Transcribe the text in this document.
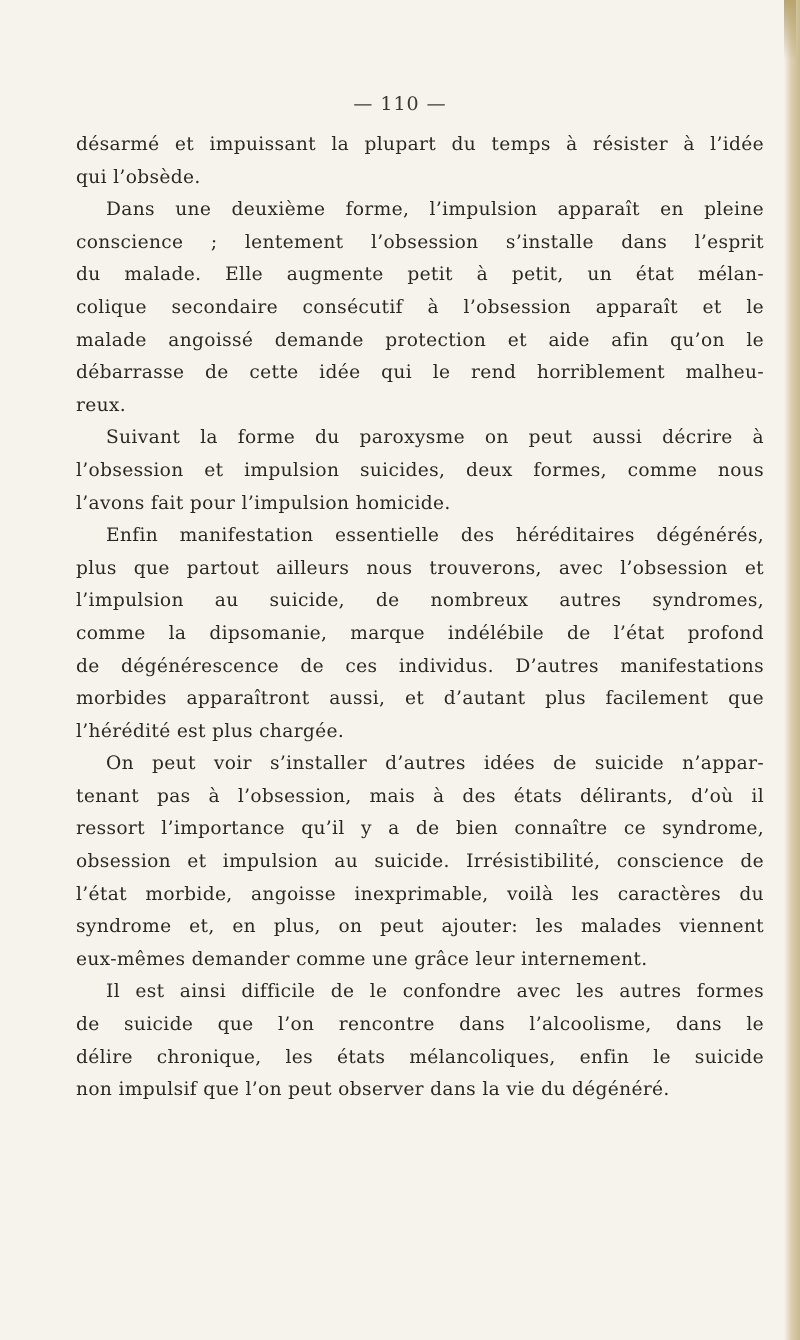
— 110 —
désarmé et impuissant la plupart du temps à résister à l’idée
qui l’obsède.
Dans une deuxième forme, l’impulsion apparaît en pleine
conscience ; lentement l’obsession s’installe dans l’esprit
du malade. Elle augmente petit à petit, un état mélan-
colique secondaire consécutif à l’obsession apparaît et le
malade angoissé demande protection et aide afin qu’on le
débarrasse de cette idée qui le rend horriblement malheu-
reux.
Suivant la forme du paroxysme on peut aussi décrire à
l’obsession et impulsion suicides, deux formes, comme nous
l’avons fait pour l’impulsion homicide.
Enfin manifestation essentielle des héréditaires dégénérés,
plus que partout ailleurs nous trouverons, avec l’obsession et
l’impulsion au suicide, de nombreux autres syndromes,
comme la dipsomanie, marque indélébile de l’état profond
de dégénérescence de ces individus. D’autres manifestations
morbides apparaîtront aussi, et d’autant plus facilement que
l’hérédité est plus chargée.
On peut voir s’installer d’autres idées de suicide n’appar-
tenant pas à l’obsession, mais à des états délirants, d’où il
ressort l’importance qu’il y a de bien connaître ce syndrome,
obsession et impulsion au suicide. Irrésistibilité, conscience de
l’état morbide, angoisse inexprimable, voilà les caractères du
syndrome et, en plus, on peut ajouter: les malades viennent
eux-mêmes demander comme une grâce leur internement.
Il est ainsi difficile de le confondre avec les autres formes
de suicide que l’on rencontre dans l’alcoolisme, dans le
délire chronique, les états mélancoliques, enfin le suicide
non impulsif que l’on peut observer dans la vie du dégénéré.
